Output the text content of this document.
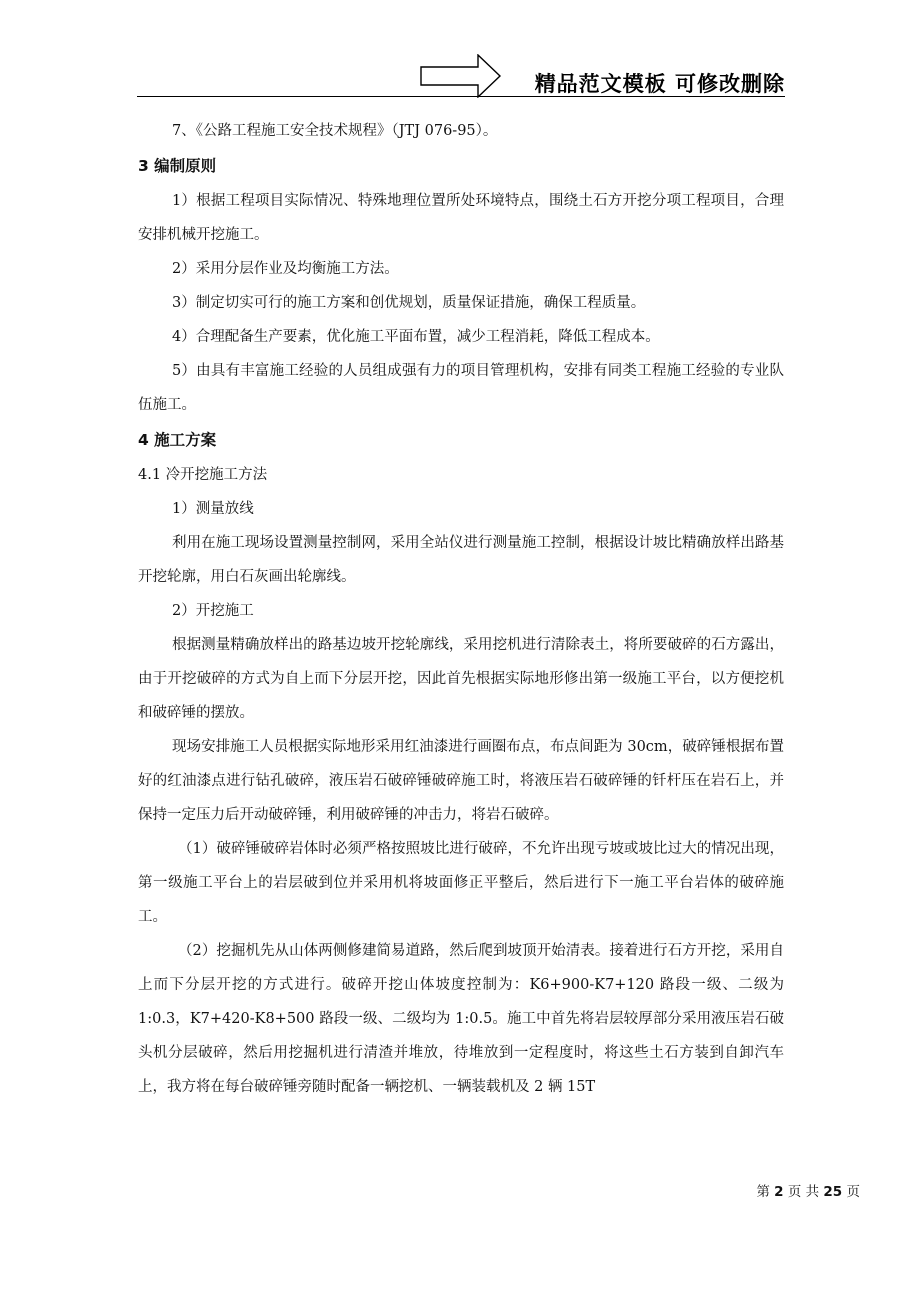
精品范文模板 可修改删除

7、《公路工程施工安全技术规程》（JTJ 076-95）。

3 编制原则

1）根据工程项目实际情况、特殊地理位置所处环境特点，围绕土石方开挖分项工程项目，合理安排机械开挖施工。

2）采用分层作业及均衡施工方法。

3）制定切实可行的施工方案和创优规划，质量保证措施，确保工程质量。

4）合理配备生产要素，优化施工平面布置，减少工程消耗，降低工程成本。

5）由具有丰富施工经验的人员组成强有力的项目管理机构，安排有同类工程施工经验的专业队伍施工。

4 施工方案

4.1 冷开挖施工方法

1）测量放线

利用在施工现场设置测量控制网，采用全站仪进行测量施工控制，根据设计坡比精确放样出路基开挖轮廓，用白石灰画出轮廓线。

2）开挖施工

根据测量精确放样出的路基边坡开挖轮廓线，采用挖机进行清除表土，将所要破碎的石方露出，由于开挖破碎的方式为自上而下分层开挖，因此首先根据实际地形修出第一级施工平台，以方便挖机和破碎锤的摆放。

现场安排施工人员根据实际地形采用红油漆进行画圈布点，布点间距为 30cm，破碎锤根据布置好的红油漆点进行钻孔破碎，液压岩石破碎锤破碎施工时，将液压岩石破碎锤的钎杆压在岩石上，并保持一定压力后开动破碎锤，利用破碎锤的冲击力，将岩石破碎。

（1）破碎锤破碎岩体时必须严格按照坡比进行破碎，不允许出现亏坡或坡比过大的情况出现，第一级施工平台上的岩层破到位并采用机将坡面修正平整后，然后进行下一施工平台岩体的破碎施工。

（2）挖掘机先从山体两侧修建简易道路，然后爬到坡顶开始清表。接着进行石方开挖，采用自上而下分层开挖的方式进行。破碎开挖山体坡度控制为：K6+900-K7+120 路段一级、二级为 1:0.3，K7+420-K8+500 路段一级、二级均为 1:0.5。施工中首先将岩层较厚部分采用液压岩石破头机分层破碎，然后用挖掘机进行清渣并堆放，待堆放到一定程度时，将这些土石方装到自卸汽车上，我方将在每台破碎锤旁随时配备一辆挖机、一辆装载机及 2 辆 15T

第 2 页 共 25 页
